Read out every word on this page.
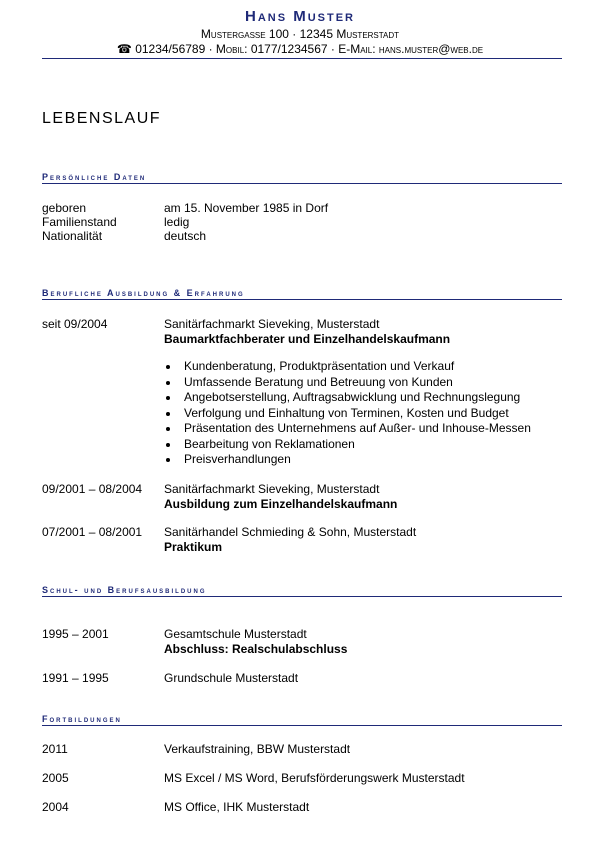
Hans Muster
Mustergasse 100 · 12345 Musterstadt
☎ 01234/56789 · Mobil: 0177/1234567 · E-Mail: hans.muster@web.de
LEBENSLAUF
Persönliche Daten
geboren	am 15. November 1985 in Dorf
Familienstand	ledig
Nationalität	deutsch
Berufliche Ausbildung & Erfahrung
seit 09/2004	Sanitärfachmarkt Sieveking, Musterstadt
Baumarktfachberater und Einzelhandelskaufmann
Kundenberatung, Produktpräsentation und Verkauf
Umfassende Beratung und Betreuung von Kunden
Angebotserstellung, Auftragsabwicklung und Rechnungslegung
Verfolgung und Einhaltung von Terminen, Kosten und Budget
Präsentation des Unternehmens auf Außer- und Inhouse-Messen
Bearbeitung von Reklamationen
Preisverhandlungen
09/2001 – 08/2004 Sanitärfachmarkt Sieveking, Musterstadt
Ausbildung zum Einzelhandelskaufmann
07/2001 – 08/2001 Sanitärhandel Schmieding & Sohn, Musterstadt
Praktikum
Schul- und Berufsausbildung
1995 – 2001	Gesamtschule Musterstadt
Abschluss: Realschulabschluss
1991 – 1995	Grundschule Musterstadt
Fortbildungen
2011	Verkaufstraining, BBW Musterstadt
2005	MS Excel / MS Word, Berufsförderungswerk Musterstadt
2004	MS Office, IHK Musterstadt
